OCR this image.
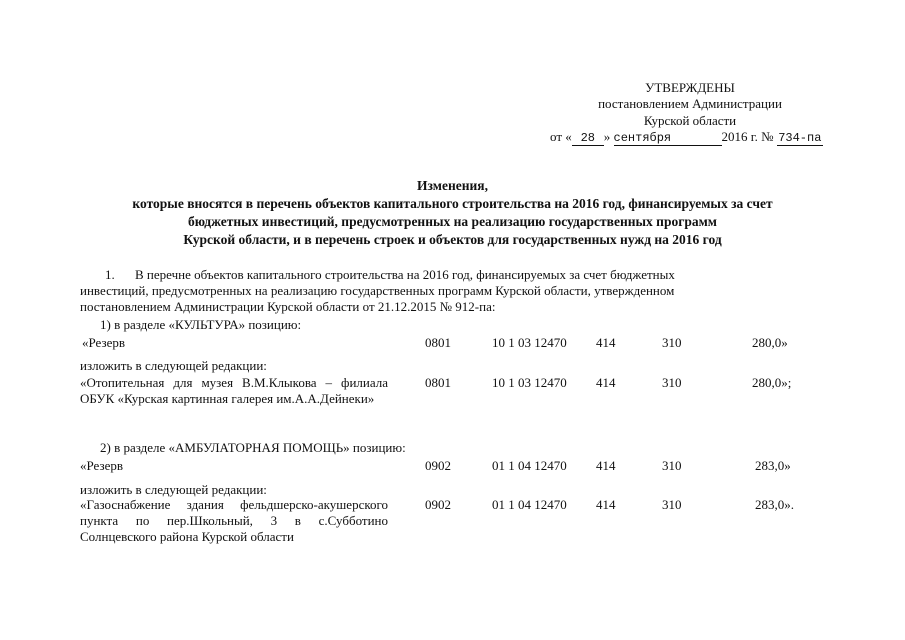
УТВЕРЖДЕНЫ
постановлением Администрации
Курской области
от « 28 » сентября	2016 г. № 734-па
Изменения,
которые вносятся в перечень объектов капитального строительства на 2016 год, финансируемых за счет
бюджетных инвестиций, предусмотренных на реализацию государственных программ
Курской области, и в перечень строек и объектов для государственных нужд на 2016 год
1. В перечне объектов капитального строительства на 2016 год, финансируемых за счет бюджетных
инвестиций, предусмотренных на реализацию государственных программ Курской области, утвержденном
постановлением Администрации Курской области от 21.12.2015 № 912-па:
1) в разделе «КУЛЬТУРА» позицию:
«Резерв	0801	10 1 03 12470 414	310	280,0»
изложить в следующей редакции:
«Отопительная для музея В.М.Клыкова – филиала ОБУК «Курская картинная галерея им.А.А.Дейнеки»
0801	10 1 03 12470 414	310	280,0»;
2) в разделе «АМБУЛАТОРНАЯ ПОМОЩЬ» позицию:
«Резерв	0902	01 1 04 12470 414	310	283,0»
изложить в следующей редакции:
«Газоснабжение здания фельдшерско-акушерского пункта по пер.Школьный, 3 в с.Субботино Солнцевского района Курской области
0902	01 1 04 12470 414	310	283,0».
